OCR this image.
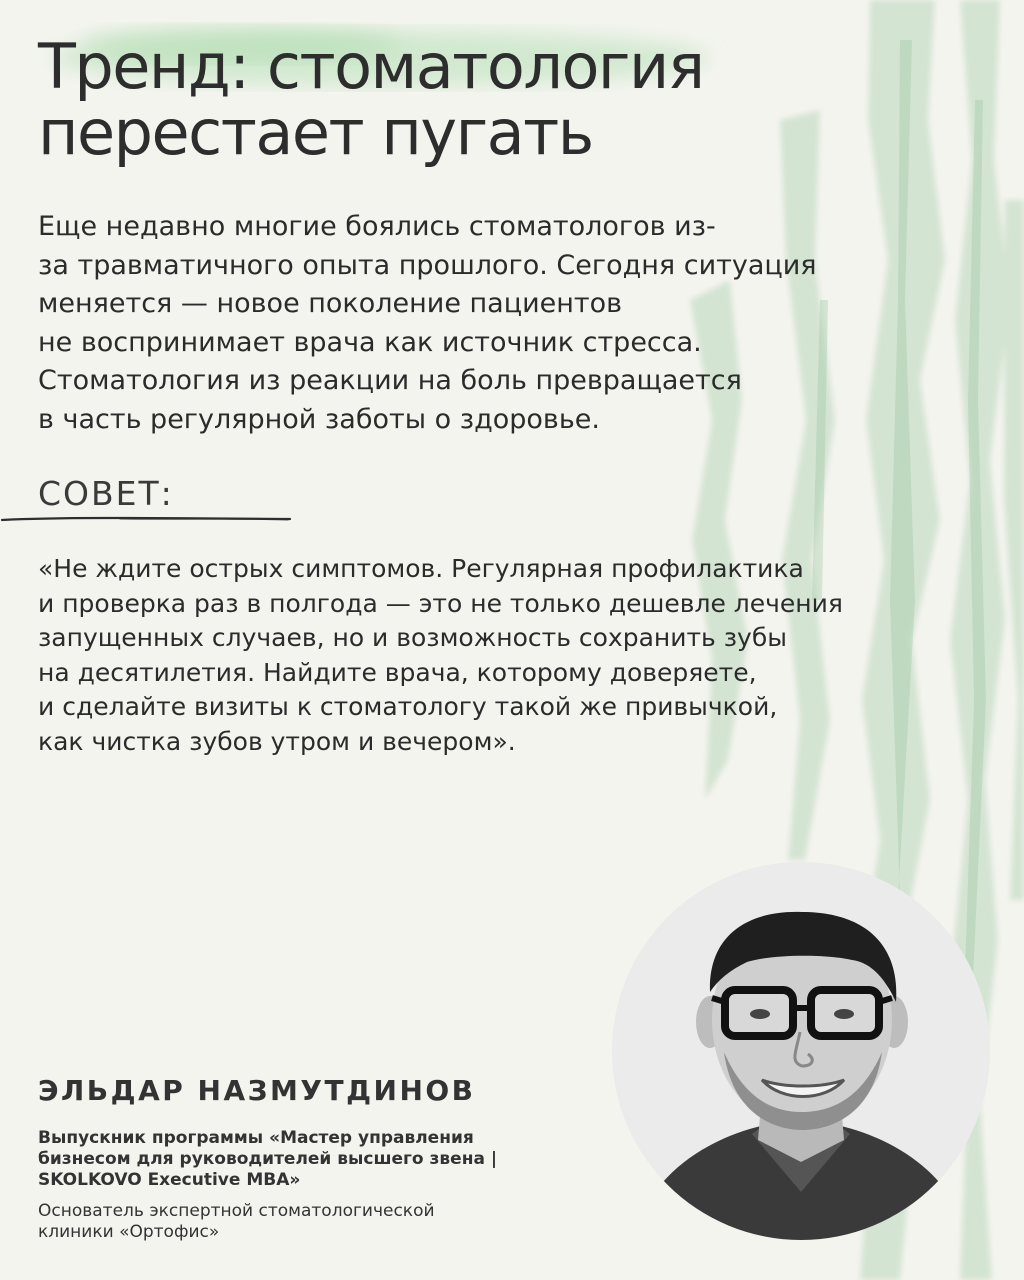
Тренд: стоматология
перестает пугать
Еще недавно многие боялись стоматологов из-
за травматичного опыта прошлого. Сегодня ситуация
меняется — новое поколение пациентов
не воспринимает врача как источник стресса.
Стоматология из реакции на боль превращается
в часть регулярной заботы о здоровье.
СОВЕТ:
«Не ждите острых симптомов. Регулярная профилактика
и проверка раз в полгода — это не только дешевле лечения
запущенных случаев, но и возможность сохранить зубы
на десятилетия. Найдите врача, которому доверяете,
и сделайте визиты к стоматологу такой же привычкой,
как чистка зубов утром и вечером».
ЭЛЬДАР НАЗМУТДИНОВ
Выпускник программы «Мастер управления
бизнесом для руководителей высшего звена |
SKOLKOVO Executive MBA»
Основатель экспертной стоматологической
клиники «Ортофис»
